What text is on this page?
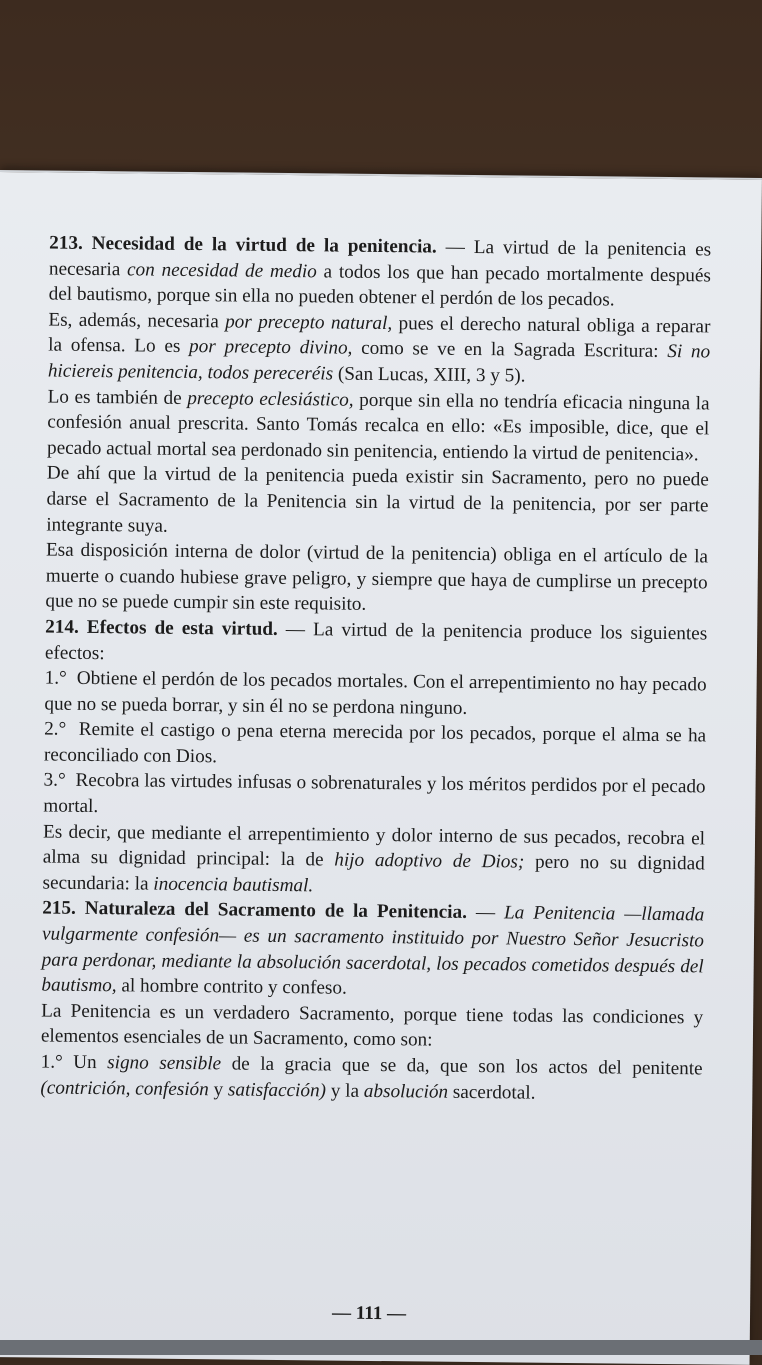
213. Necesidad de la virtud de la penitencia. — La virtud de la penitencia es necesaria con necesidad de medio a todos los que han pecado mortalmente después del bautismo, porque sin ella no pueden obtener el perdón de los pecados.

Es, además, necesaria por precepto natural, pues el derecho natural obliga a reparar la ofensa. Lo es por precepto divino, como se ve en la Sagrada Escritura: Si no hiciereis penitencia, todos pereceréis (San Lucas, XIII, 3 y 5).

Lo es también de precepto eclesiástico, porque sin ella no tendría eficacia ninguna la confesión anual prescrita. Santo Tomás recalca en ello: «Es imposible, dice, que el pecado actual mortal sea perdonado sin penitencia, entiendo la virtud de penitencia».

De ahí que la virtud de la penitencia pueda existir sin Sacramento, pero no puede darse el Sacramento de la Penitencia sin la virtud de la penitencia, por ser parte integrante suya.

Esa disposición interna de dolor (virtud de la penitencia) obliga en el artículo de la muerte o cuando hubiese grave peligro, y siempre que haya de cumplirse un precepto que no se puede cumpir sin este requisito.

214. Efectos de esta virtud. — La virtud de la penitencia produce los siguientes efectos:

1.° Obtiene el perdón de los pecados mortales. Con el arrepentimiento no hay pecado que no se pueda borrar, y sin él no se perdona ninguno.

2.° Remite el castigo o pena eterna merecida por los pecados, porque el alma se ha reconciliado con Dios.

3.° Recobra las virtudes infusas o sobrenaturales y los méritos perdidos por el pecado mortal.

Es decir, que mediante el arrepentimiento y dolor interno de sus pecados, recobra el alma su dignidad principal: la de hijo adoptivo de Dios; pero no su dignidad secundaria: la inocencia bautismal.

215. Naturaleza del Sacramento de la Penitencia. — La Penitencia —llamada vulgarmente confesión— es un sacramento instituido por Nuestro Señor Jesucristo para perdonar, mediante la absolución sacerdotal, los pecados cometidos después del bautismo, al hombre contrito y confeso.

La Penitencia es un verdadero Sacramento, porque tiene todas las condiciones y elementos esenciales de un Sacramento, como son:

1.° Un signo sensible de la gracia que se da, que son los actos del penitente (contrición, confesión y satisfacción) y la absolución sacerdotal.

— 111 —
